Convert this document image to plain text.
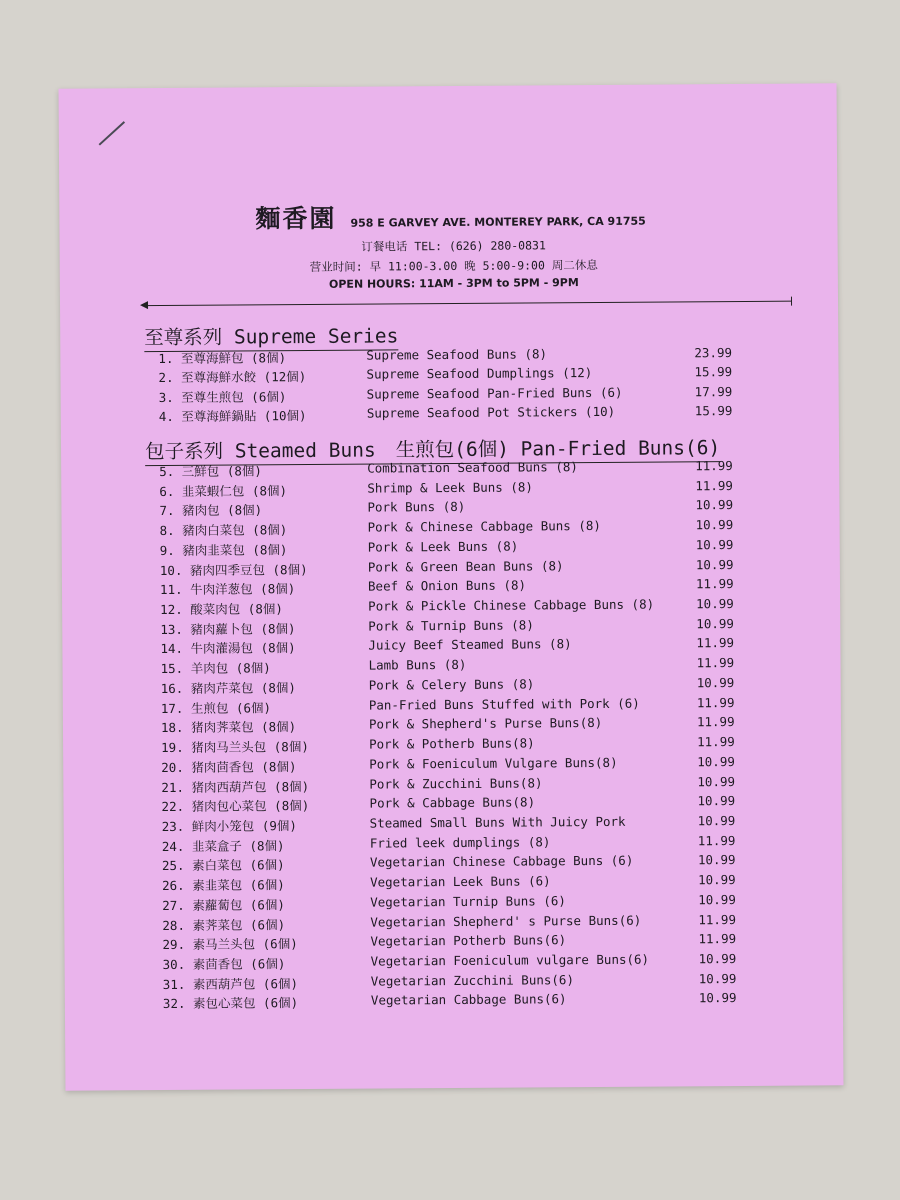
麵香園 958 E GARVEY AVE. MONTEREY PARK, CA 91755
订餐电话 TEL: (626) 280-0831
营业时间: 早 11:00-3.00 晚 5:00-9:00 周二休息
OPEN HOURS: 11AM - 3PM to 5PM - 9PM
至尊系列 Supreme Series
包子系列 Steamed Buns 生煎包(6個) Pan-Fried Buns(6)
1. 至尊海鮮包 (8個)	Supreme Seafood Buns (8)	23.99
2. 至尊海鮮水餃 (12個)	Supreme Seafood Dumplings (12)	15.99
3. 至尊生煎包 (6個)	Supreme Seafood Pan-Fried Buns (6)	17.99
4. 至尊海鮮鍋貼 (10個)	Supreme Seafood Pot Stickers (10)	15.99
5. 三鮮包 (8個)	Combination Seafood Buns (8)	11.99
6. 韭菜蝦仁包 (8個)	Shrimp & Leek Buns (8)	11.99
7. 豬肉包 (8個)	Pork Buns (8)	10.99
8. 豬肉白菜包 (8個)	Pork & Chinese Cabbage Buns (8)	10.99
9. 豬肉韭菜包 (8個)	Pork & Leek Buns (8)	10.99
10. 豬肉四季豆包 (8個)	Pork & Green Bean Buns (8)	10.99
11. 牛肉洋葱包 (8個)	Beef & Onion Buns (8)	11.99
12. 酸菜肉包 (8個)	Pork & Pickle Chinese Cabbage Buns (8)	10.99
13. 豬肉蘿卜包 (8個)	Pork & Turnip Buns (8)	10.99
14. 牛肉灌湯包 (8個)	Juicy Beef Steamed Buns (8)	11.99
15. 羊肉包 (8個)	Lamb Buns (8)	11.99
16. 豬肉芹菜包 (8個)	Pork & Celery Buns (8)	10.99
17. 生煎包 (6個)	Pan-Fried Buns Stuffed with Pork (6)	11.99
18. 猪肉荠菜包 (8個)	Pork & Shepherd's Purse Buns(8)	11.99
19. 猪肉马兰头包 (8個)	Pork & Potherb Buns(8)	11.99
20. 猪肉茴香包 (8個)	Pork & Foeniculum Vulgare Buns(8)	10.99
21. 猪肉西葫芦包 (8個)	Pork & Zucchini Buns(8)	10.99
22. 猪肉包心菜包 (8個)	Pork & Cabbage Buns(8)	10.99
23. 鲜肉小笼包 (9個)	Steamed Small Buns With Juicy Pork	10.99
24. 韭菜盒子 (8個)	Fried leek dumplings (8)	11.99
25. 素白菜包 (6個)	Vegetarian Chinese Cabbage Buns (6)	10.99
26. 素韭菜包 (6個)	Vegetarian Leek Buns (6)	10.99
27. 素蘿蔔包 (6個)	Vegetarian Turnip Buns (6)	10.99
28. 素荠菜包 (6個)	Vegetarian Shepherd' s Purse Buns(6)	11.99
29. 素马兰头包 (6個)	Vegetarian Potherb Buns(6)	11.99
30. 素茴香包 (6個)	Vegetarian Foeniculum vulgare Buns(6)	10.99
31. 素西葫芦包 (6個)	Vegetarian Zucchini Buns(6)	10.99
32. 素包心菜包 (6個)	Vegetarian Cabbage Buns(6)	10.99
